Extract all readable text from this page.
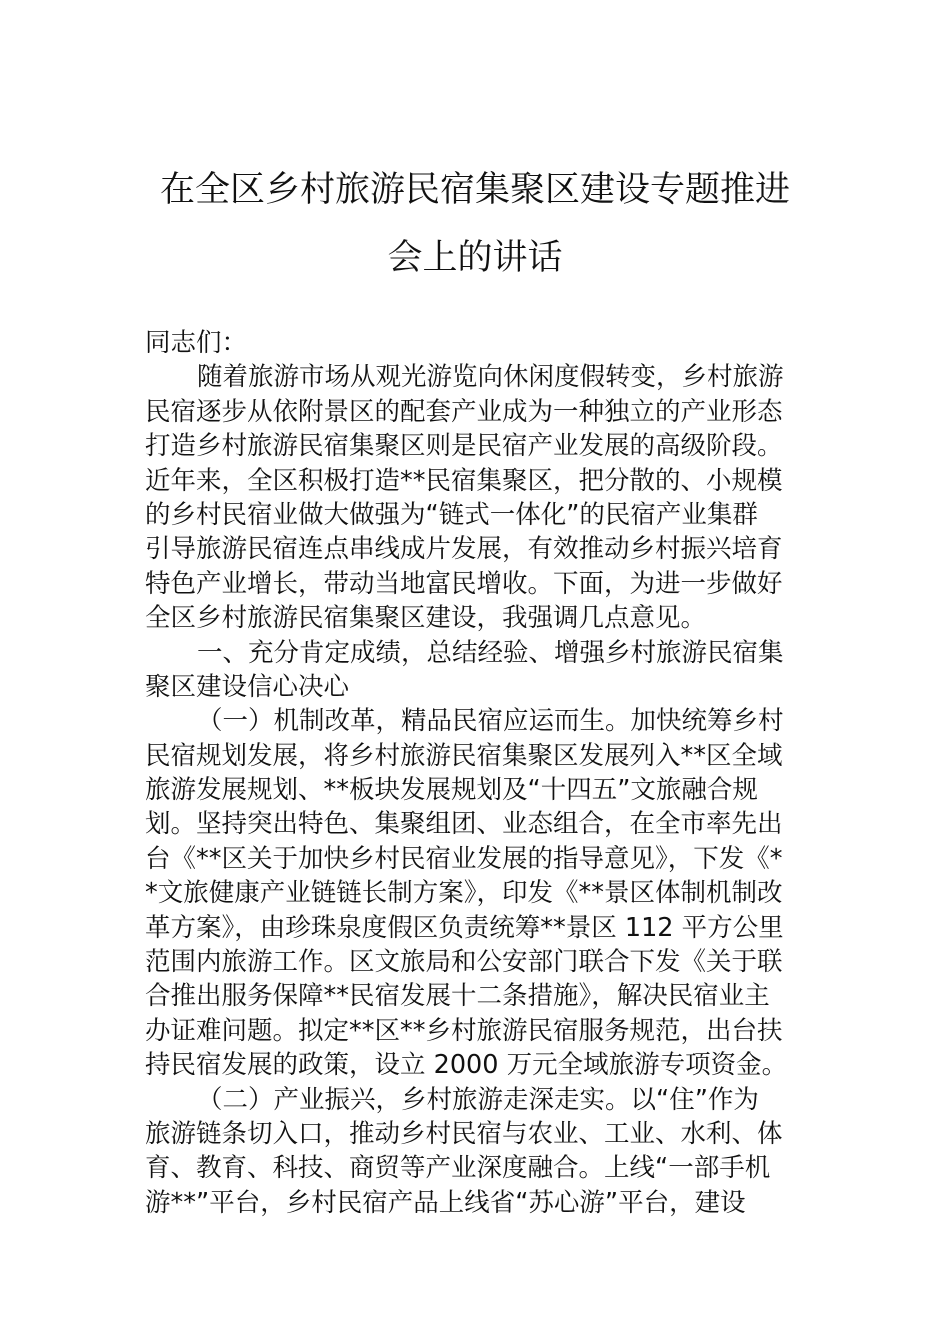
在全区乡村旅游民宿集聚区建设专题推进
会上的讲话
同志们：
随着旅游市场从观光游览向休闲度假转变，乡村旅游
民宿逐步从依附景区的配套产业成为一种独立的产业形态
打造乡村旅游民宿集聚区则是民宿产业发展的高级阶段。
近年来，全区积极打造**民宿集聚区，把分散的、小规模
的乡村民宿业做大做强为“链式一体化”的民宿产业集群
引导旅游民宿连点串线成片发展，有效推动乡村振兴培育
特色产业增长，带动当地富民增收。下面，为进一步做好
全区乡村旅游民宿集聚区建设，我强调几点意见。
一、充分肯定成绩，总结经验、增强乡村旅游民宿集
聚区建设信心决心
（一）机制改革，精品民宿应运而生。加快统筹乡村
民宿规划发展，将乡村旅游民宿集聚区发展列入**区全域
旅游发展规划、**板块发展规划及“十四五”文旅融合规
划。坚持突出特色、集聚组团、业态组合，在全市率先出
台《**区关于加快乡村民宿业发展的指导意见》，下发《*
*文旅健康产业链链长制方案》，印发《**景区体制机制改
革方案》，由珍珠泉度假区负责统筹**景区 112 平方公里
范围内旅游工作。区文旅局和公安部门联合下发《关于联
合推出服务保障**民宿发展十二条措施》，解决民宿业主
办证难问题。拟定**区**乡村旅游民宿服务规范，出台扶
持民宿发展的政策，设立 2000 万元全域旅游专项资金。
（二）产业振兴，乡村旅游走深走实。以“住”作为
旅游链条切入口，推动乡村民宿与农业、工业、水利、体
育、教育、科技、商贸等产业深度融合。上线“一部手机
游**”平台，乡村民宿产品上线省“苏心游”平台，建设
